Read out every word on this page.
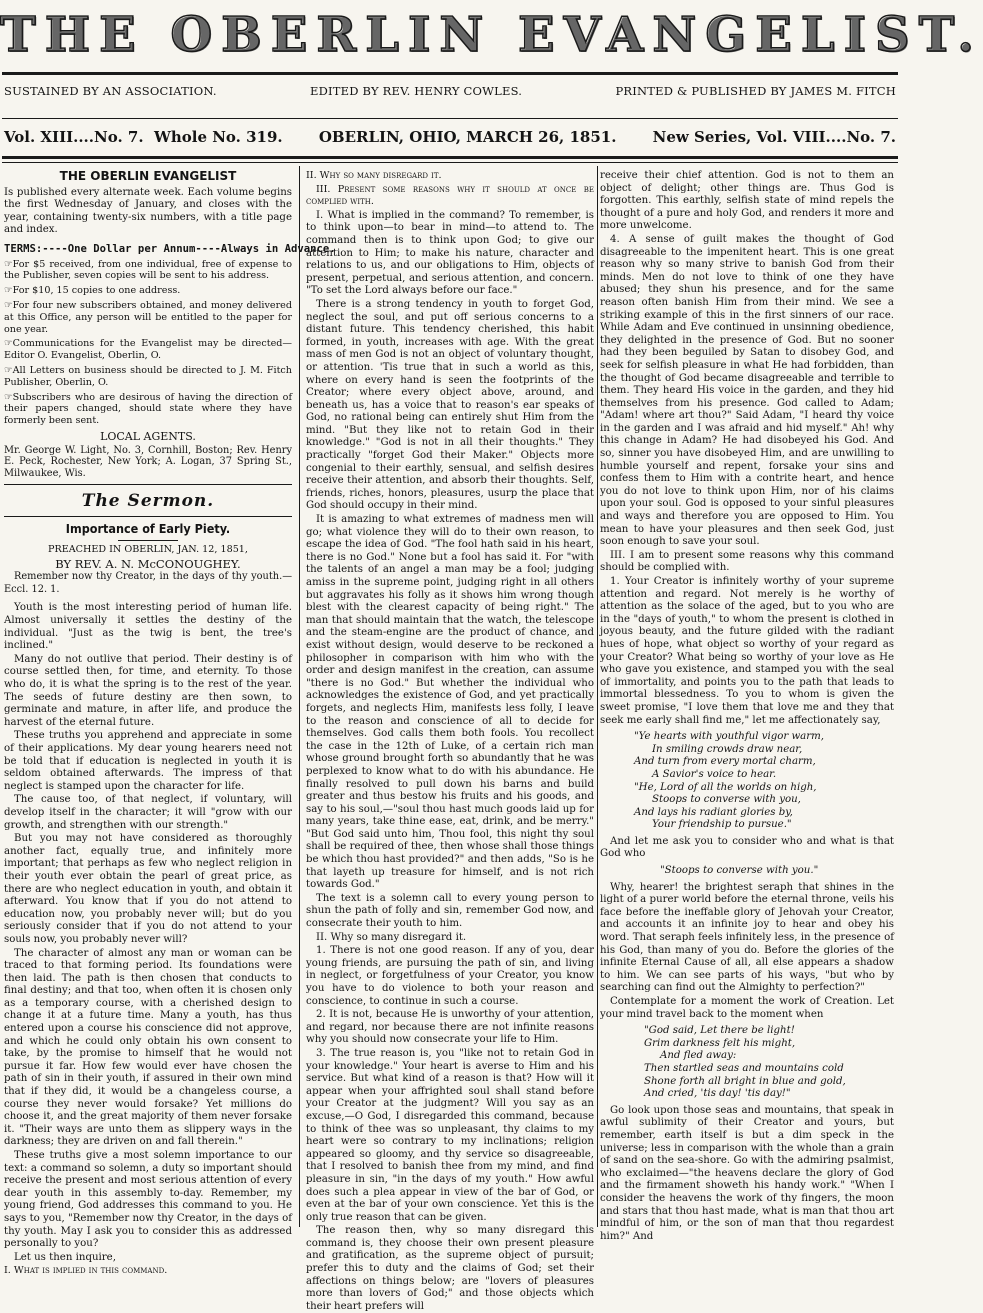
THE OBERLIN EVANGELIST.
SUSTAINED BY AN ASSOCIATION.	EDITED BY REV. HENRY COWLES.	PRINTED & PUBLISHED BY JAMES M. FITCH
Vol. XIII....No. 7. Whole No. 319. OBERLIN, OHIO, MARCH 26, 1851. New Series, Vol. VIII....No. 7.
THE OBERLIN EVANGELIST

Is published every alternate week. Each volume begins the first Wednesday of January, and closes with the year, containing twenty-six numbers, with a title page and index.

TERMS:----One Dollar per Annum----Always in Advance.

☞For $5 received, from one individual, free of expense to the Publisher, seven copies will be sent to his address.

☞For $10, 15 copies to one address.

☞For four new subscribers obtained, and money delivered at this Office, any person will be entitled to the paper for one year.

☞Communications for the Evangelist may be directed—Editor O. Evangelist, Oberlin, O.

☞All Letters on business should be directed to J. M. Fitch Publisher, Oberlin, O.

☞Subscribers who are desirous of having the direction of their papers changed, should state where they have formerly been sent.

LOCAL AGENTS.

Mr. George W. Light, No. 3, Cornhill, Boston; Rev. Henry E. Peck, Rochester, New York; A. Logan, 37 Spring St., Milwaukee, Wis.

The Sermon.
Importance of Early Piety.

PREACHED IN OBERLIN, JAN. 12, 1851,

BY REV. A. N. McCONOUGHEY.

Remember now thy Creator, in the days of thy youth.—Eccl. 12. 1.

Youth is the most interesting period of human life. Almost universally it settles the destiny of the individual. "Just as the twig is bent, the tree's inclined."

Many do not outlive that period. Their destiny is of course settled then, for time, and eternity. To those who do, it is what the spring is to the rest of the year. The seeds of future destiny are then sown, to germinate and mature, in after life, and produce the harvest of the eternal future.

These truths you apprehend and appreciate in some of their applications. My dear young hearers need not be told that if education is neglected in youth it is seldom obtained afterwards. The impress of that neglect is stamped upon the character for life.

The cause too, of that neglect, if voluntary, will develop itself in the character; it will "grow with our growth, and strengthen with our strength."

But you may not have considered as thoroughly another fact, equally true, and infinitely more important; that perhaps as few who neglect religion in their youth ever obtain the pearl of great price, as there are who neglect education in youth, and obtain it afterward. You know that if you do not attend to education now, you probably never will; but do you seriously consider that if you do not attend to your souls now, you probably never will?

The character of almost any man or woman can be traced to that forming period. Its foundations were then laid. The path is then chosen that conducts to final destiny; and that too, when often it is chosen only as a temporary course, with a cherished design to change it at a future time. Many a youth, has thus entered upon a course his conscience did not approve, and which he could only obtain his own consent to take, by the promise to himself that he would not pursue it far. How few would ever have chosen the path of sin in their youth, if assured in their own mind that if they did, it would be a changeless course, a course they never would forsake? Yet millions do choose it, and the great majority of them never forsake it. "Their ways are unto them as slippery ways in the darkness; they are driven on and fall therein."

These truths give a most solemn importance to our text: a command so solemn, a duty so important should receive the present and most serious attention of every dear youth in this assembly to-day. Remember, my young friend, God addresses this command to you. He says to you, "Remember now thy Creator, in the days of thy youth. May I ask you to consider this as addressed personally to you?

Let us then inquire,

I. What is implied in this command.

II. Why so many disregard it.

III. Present some reasons why it should at once be complied with.

I. What is implied in the command? To remember, is to think upon—to bear in mind—to attend to. The command then is to think upon God; to give our attention to Him; to make his nature, character and relations to us, and our obligations to Him, objects of present, perpetual, and serious attention, and concern. "To set the Lord always before our face."

There is a strong tendency in youth to forget God, neglect the soul, and put off serious concerns to a distant future. This tendency cherished, this habit formed, in youth, increases with age. With the great mass of men God is not an object of voluntary thought, or attention. 'Tis true that in such a world as this, where on every hand is seen the footprints of the Creator; where every object above, around, and beneath us, has a voice that to reason's ear speaks of God, no rational being can entirely shut Him from the mind. "But they like not to retain God in their knowledge." "God is not in all their thoughts." They practically "forget God their Maker." Objects more congenial to their earthly, sensual, and selfish desires receive their attention, and absorb their thoughts. Self, friends, riches, honors, pleasures, usurp the place that God should occupy in their mind.

It is amazing to what extremes of madness men will go; what violence they will do to their own reason, to escape the idea of God. "The fool hath said in his heart, there is no God." None but a fool has said it. For "with the talents of an angel a man may be a fool; judging amiss in the supreme point, judging right in all others but aggravates his folly as it shows him wrong though blest with the clearest capacity of being right." The man that should maintain that the watch, the telescope and the steam-engine are the product of chance, and exist without design, would deserve to be reckoned a philosopher in comparison with him who with the order and design manifest in the creation, can assume "there is no God." But whether the individual who acknowledges the existence of God, and yet practically forgets, and neglects Him, manifests less folly, I leave to the reason and conscience of all to decide for themselves. God calls them both fools. You recollect the case in the 12th of Luke, of a certain rich man whose ground brought forth so abundantly that he was perplexed to know what to do with his abundance. He finally resolved to pull down his barns and build greater and thus bestow his fruits and his goods, and say to his soul,—"soul thou hast much goods laid up for many years, take thine ease, eat, drink, and be merry." "But God said unto him, Thou fool, this night thy soul shall be required of thee, then whose shall those things be which thou hast provided?" and then adds, "So is he that layeth up treasure for himself, and is not rich towards God."

The text is a solemn call to every young person to shun the path of folly and sin, remember God now, and consecrate their youth to him.

II. Why so many disregard it.

1. There is not one good reason. If any of you, dear young friends, are pursuing the path of sin, and living in neglect, or forgetfulness of your Creator, you know you have to do violence to both your reason and conscience, to continue in such a course.

2. It is not, because He is unworthy of your attention, and regard, nor because there are not infinite reasons why you should now consecrate your life to Him.

3. The true reason is, you "like not to retain God in your knowledge." Your heart is averse to Him and his service. But what kind of a reason is that? How will it appear when your affrighted soul shall stand before your Creator at the judgment? Will you say as an excuse,—O God, I disregarded this command, because to think of thee was so unpleasant, thy claims to my heart were so contrary to my inclinations; religion appeared so gloomy, and thy service so disagreeable, that I resolved to banish thee from my mind, and find pleasure in sin, "in the days of my youth." How awful does such a plea appear in view of the bar of God, or even at the bar of your own conscience. Yet this is the only true reason that can be given.

The reason then, why so many disregard this command is, they choose their own present pleasure and gratification, as the supreme object of pursuit; prefer this to duty and the claims of God; set their affections on things below; are "lovers of pleasures more than lovers of God;" and those objects which their heart prefers will

receive their chief attention. God is not to them an object of delight; other things are. Thus God is forgotten. This earthly, selfish state of mind repels the thought of a pure and holy God, and renders it more and more unwelcome.

4. A sense of guilt makes the thought of God disagreeable to the impenitent heart. This is one great reason why so many strive to banish God from their minds. Men do not love to think of one they have abused; they shun his presence, and for the same reason often banish Him from their mind. We see a striking example of this in the first sinners of our race. While Adam and Eve continued in unsinning obedience, they delighted in the presence of God. But no sooner had they been beguiled by Satan to disobey God, and seek for selfish pleasure in what He had forbidden, than the thought of God became disagreeable and terrible to them. They heard His voice in the garden, and they hid themselves from his presence. God called to Adam; "Adam! where art thou?" Said Adam, "I heard thy voice in the garden and I was afraid and hid myself." Ah! why this change in Adam? He had disobeyed his God. And so, sinner you have disobeyed Him, and are unwilling to humble yourself and repent, forsake your sins and confess them to Him with a contrite heart, and hence you do not love to think upon Him, nor of his claims upon your soul. God is opposed to your sinful pleasures and ways and therefore you are opposed to Him. You mean to have your pleasures and then seek God, just soon enough to save your soul.

III. I am to present some reasons why this command should be complied with.

1. Your Creator is infinitely worthy of your supreme attention and regard. Not merely is he worthy of attention as the solace of the aged, but to you who are in the "days of youth," to whom the present is clothed in joyous beauty, and the future gilded with the radiant hues of hope, what object so worthy of your regard as your Creator? What being so worthy of your love as He who gave you existence, and stamped you with the seal of immortality, and points you to the path that leads to immortal blessedness. To you to whom is given the sweet promise, "I love them that love me and they that seek me early shall find me," let me affectionately say,

"Ye hearts with youthful vigor warm,
In smiling crowds draw near,
And turn from every mortal charm,
A Savior's voice to hear.
"He, Lord of all the worlds on high,
Stoops to converse with you,
And lays his radiant glories by,
Your friendship to pursue."

And let me ask you to consider who and what is that God who

"Stoops to converse with you."

Why, hearer! the brightest seraph that shines in the light of a purer world before the eternal throne, veils his face before the ineffable glory of Jehovah your Creator, and accounts it an infinite joy to hear and obey his word. That seraph feels infinitely less, in the presence of his God, than many of you do. Before the glories of the infinite Eternal Cause of all, all else appears a shadow to him. We can see parts of his ways, "but who by searching can find out the Almighty to perfection?"

Contemplate for a moment the work of Creation. Let your mind travel back to the moment when

"God said, Let there be light!
Grim darkness felt his might,
And fled away:
Then startled seas and mountains cold
Shone forth all bright in blue and gold,
And cried, 'tis day! 'tis day!"

Go look upon those seas and mountains, that speak in awful sublimity of their Creator and yours, but remember, earth itself is but a dim speck in the universe; less in comparison with the whole than a grain of sand on the sea-shore. Go with the admiring psalmist, who exclaimed—"the heavens declare the glory of God and the firmament showeth his handy work." "When I consider the heavens the work of thy fingers, the moon and stars that thou hast made, what is man that thou art mindful of him, or the son of man that thou regardest him?" And
